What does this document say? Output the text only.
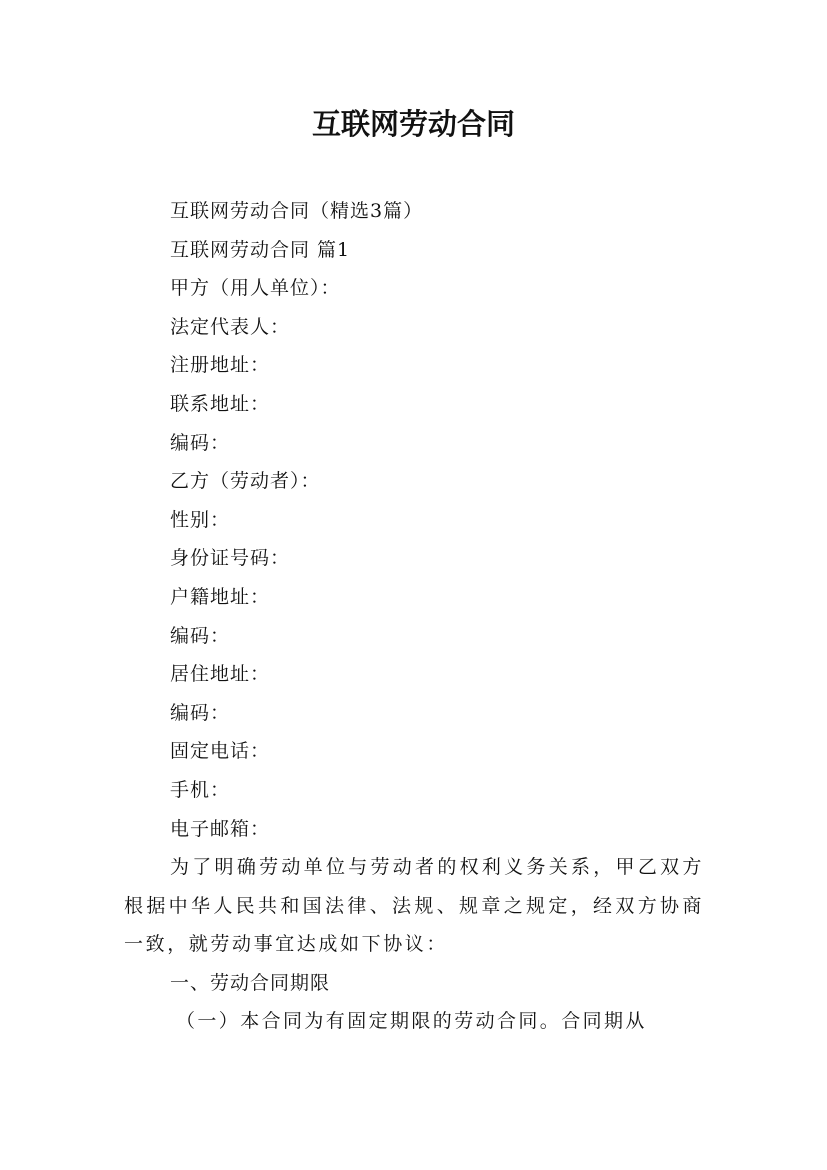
互联网劳动合同
互联网劳动合同（精选3篇）
互联网劳动合同 篇1
甲方（用人单位）：
法定代表人：
注册地址：
联系地址：
编码：
乙方（劳动者）：
性别：
身份证号码：
户籍地址：
编码：
居住地址：
编码：
固定电话：
手机：
电子邮箱：
为了明确劳动单位与劳动者的权利义务关系，甲乙双方根据中华人民共和国法律、法规、规章之规定，经双方协商一致，就劳动事宜达成如下协议：
一、劳动合同期限
（一）本合同为有固定期限的劳动合同。合同期从
